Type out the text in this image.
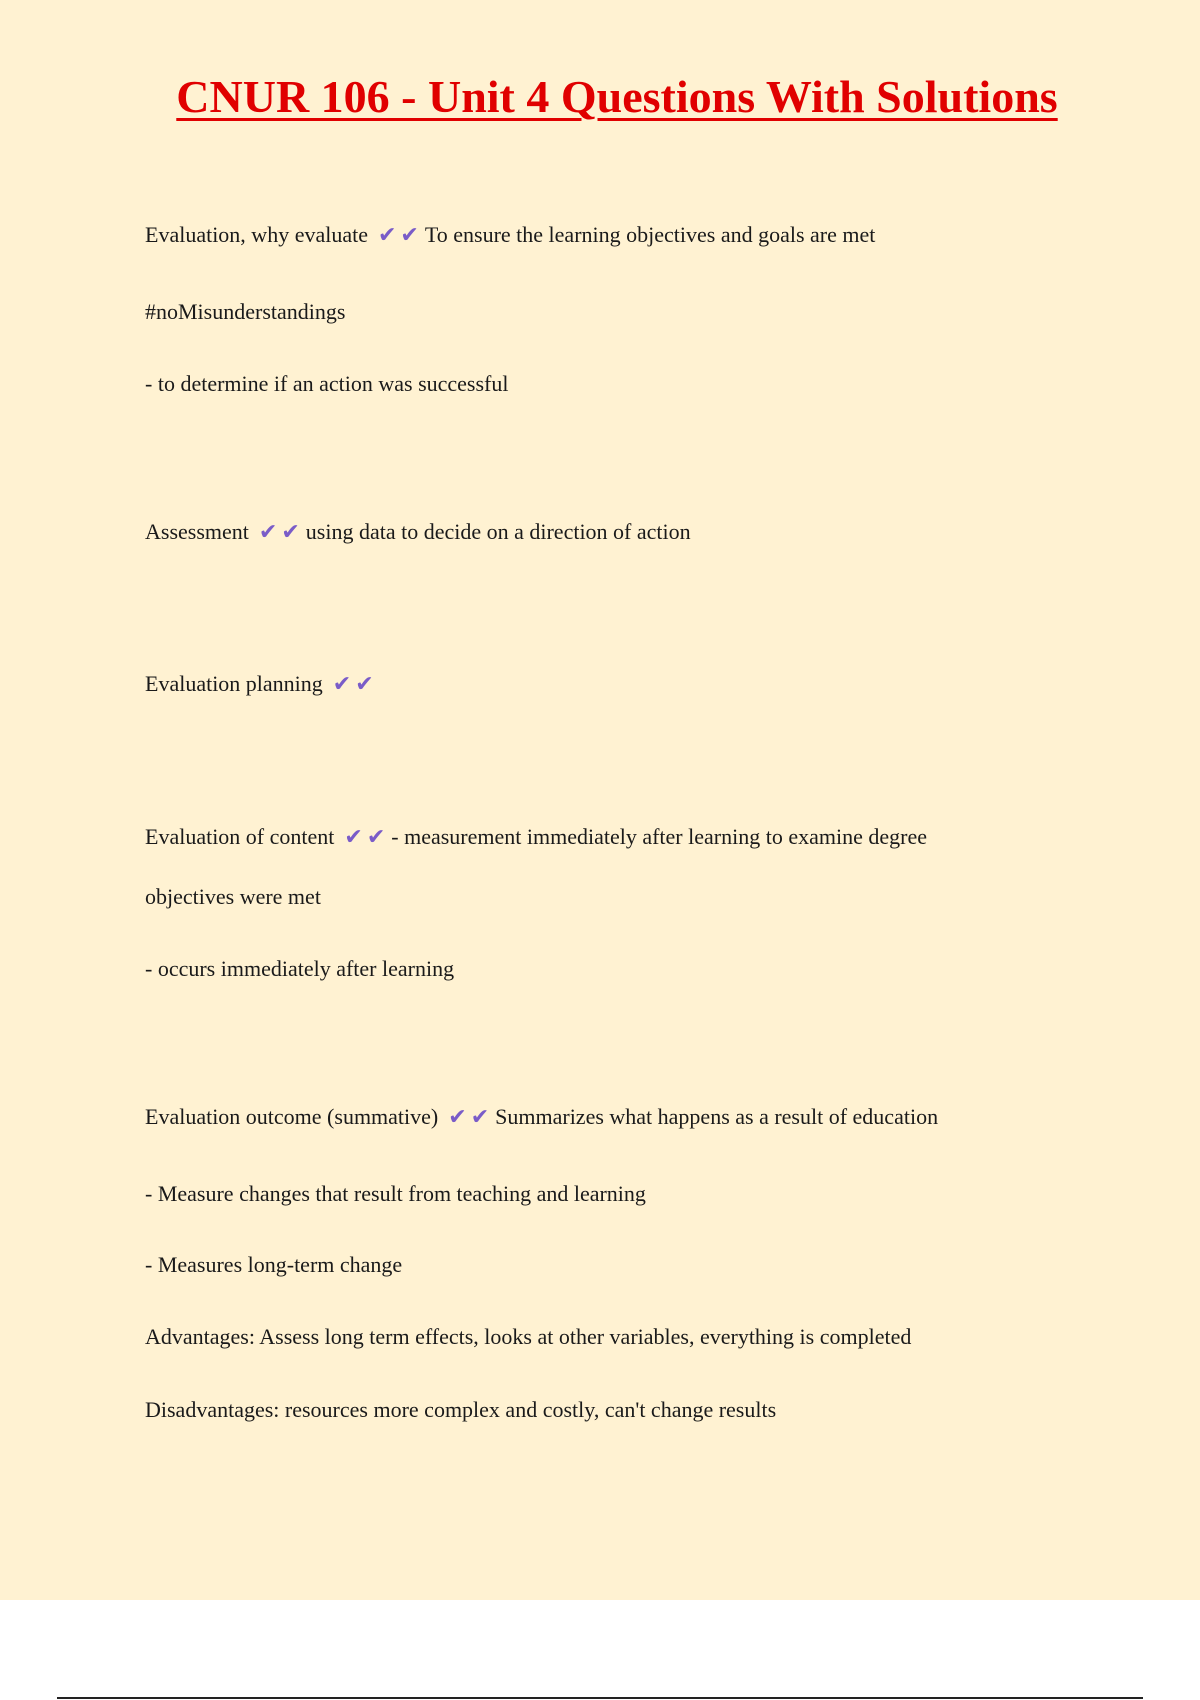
CNUR 106 - Unit 4 Questions With Solutions

Evaluation, why evaluate ✔ ✔ To ensure the learning objectives and goals are met

#noMisunderstandings

- to determine if an action was successful

Assessment ✔ ✔ using data to decide on a direction of action

Evaluation planning ✔ ✔

Evaluation of content ✔ ✔ - measurement immediately after learning to examine degree

objectives were met

- occurs immediately after learning

Evaluation outcome (summative) ✔ ✔ Summarizes what happens as a result of education

- Measure changes that result from teaching and learning

- Measures long-term change

Advantages: Assess long term effects, looks at other variables, everything is completed

Disadvantages: resources more complex and costly, can't change results
